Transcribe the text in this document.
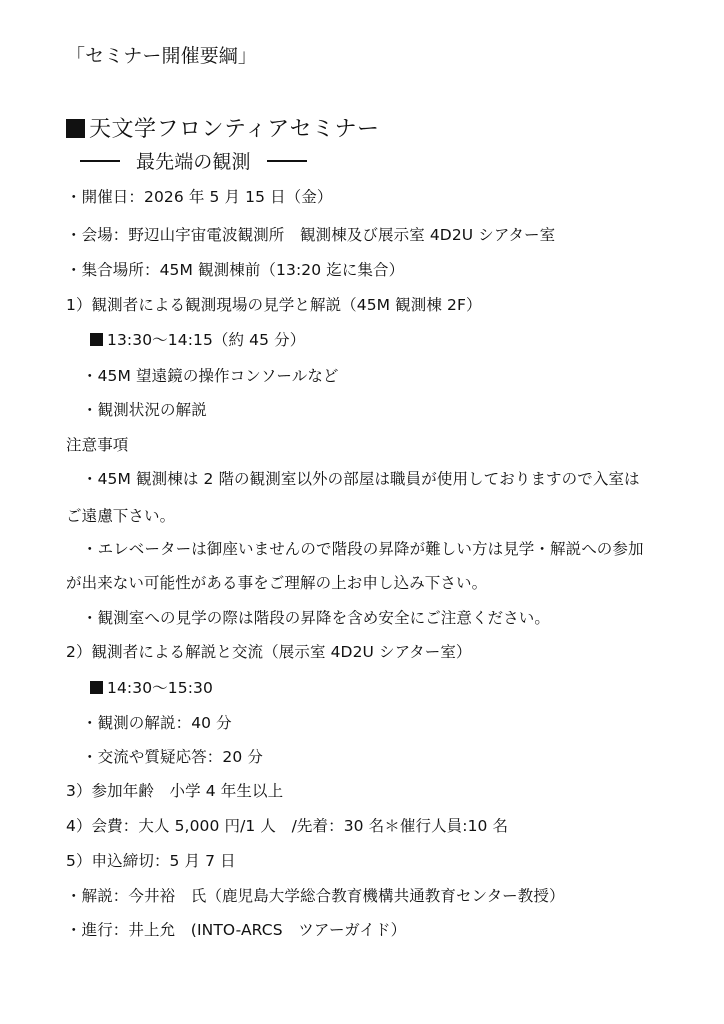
「セミナー開催要綱」
天文学フロンティアセミナー
最先端の観測
・開催日：2026 年 5 月 15 日（金）
・会場：野辺山宇宙電波観測所　観測棟及び展示室 4D2U シアター室
・集合場所：45M 観測棟前（13:20 迄に集合）
1）観測者による観測現場の見学と解説（45M 観測棟 2F）
13:30～14:15（約 45 分）
・45M 望遠鏡の操作コンソールなど
・観測状況の解説
注意事項
・45M 観測棟は 2 階の観測室以外の部屋は職員が使用しておりますので入室は
ご遠慮下さい。
・エレベーターは御座いませんので階段の昇降が難しい方は見学・解説への参加
が出来ない可能性がある事をご理解の上お申し込み下さい。
・観測室への見学の際は階段の昇降を含め安全にご注意ください。
2）観測者による解説と交流（展示室 4D2U シアター室）
14:30～15:30
・観測の解説：40 分
・交流や質疑応答：20 分
3）参加年齢　小学 4 年生以上
4）会費：大人 5,000 円/1 人　/先着：30 名＊催行人員:10 名
5）申込締切：5 月 7 日
・解説：今井裕　氏（鹿児島大学総合教育機構共通教育センター教授）
・進行：井上允　(INTO-ARCS　ツアーガイド）
